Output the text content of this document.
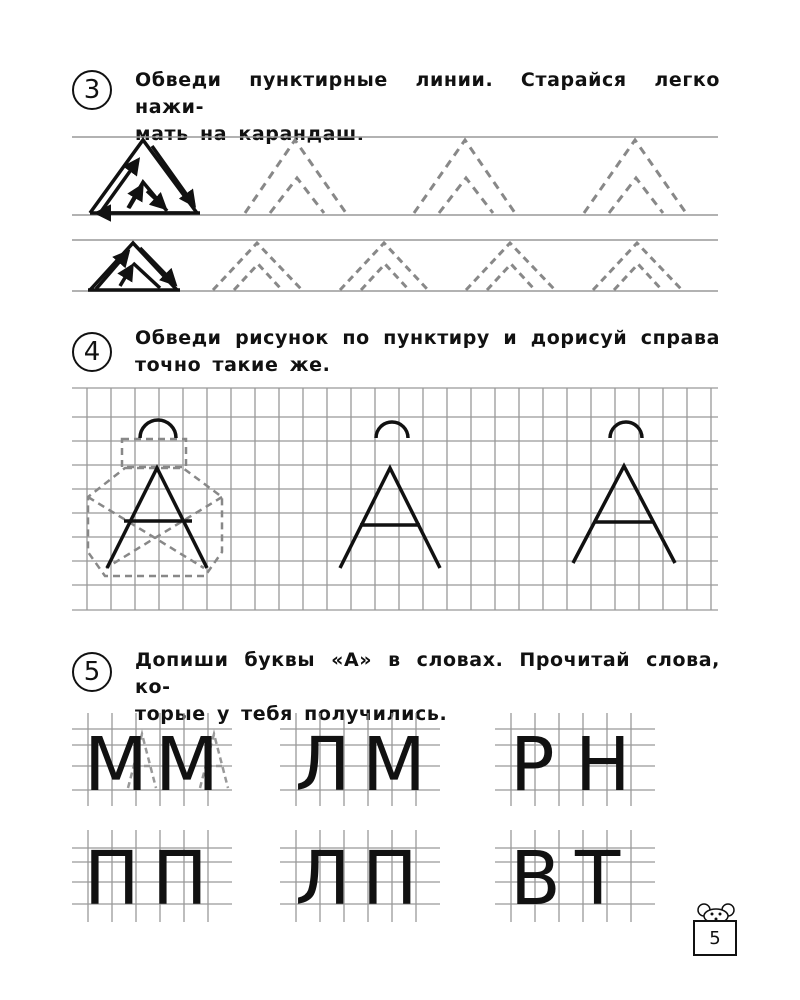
3	Обведи пунктирные линии. Старайся легко нажи-
мать на карандаш.
4	Обведи рисунок по пунктиру и дорисуй справа
точно такие же.
5	Допиши буквы «А» в словах. Прочитай слова, ко-
торые у тебя получились.
М М Л М Р Н
П П Л П В Т
5
